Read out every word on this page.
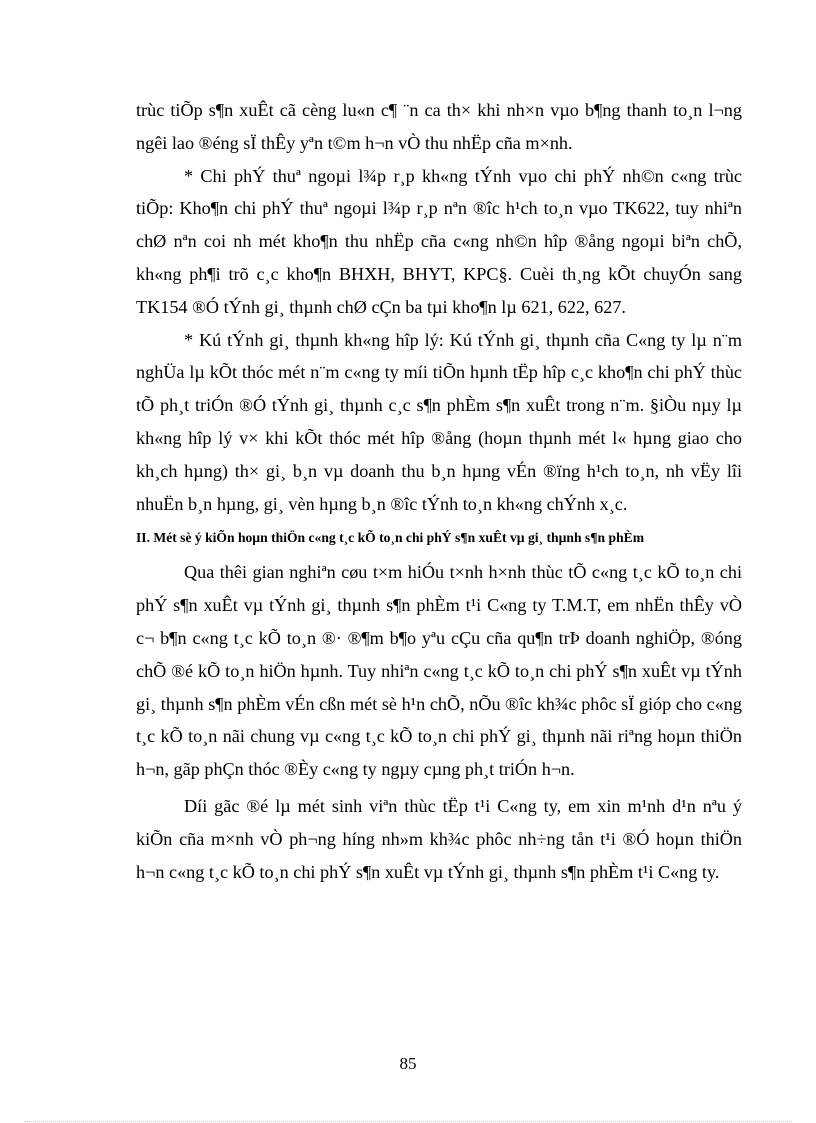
trùc tiÕp s¶n xuÊt cã cèng lu«n c¶ ¨n ca th× khi nh×n vµo b¶ng thanh to¸n l¬ng ngêi lao ®éng sÏ thÊy yªn t©m h¬n vÒ thu nhËp cña m×nh.

* Chi phÝ thuª ngoµi l¾p r¸p kh«ng tÝnh vµo chi phÝ nh©n c«ng trùc tiÕp: Kho¶n chi phÝ thuª ngoµi l¾p r¸p nªn ®îc h¹ch to¸n vµo TK622, tuy nhiªn chØ nªn coi nh mét kho¶n thu nhËp cña c«ng nh©n hîp ®ång ngoµi biªn chÕ, kh«ng ph¶i trõ c¸c kho¶n BHXH, BHYT, KPC§. Cuèi th¸ng kÕt chuyÓn sang TK154 ®Ó tÝnh gi¸ thµnh chØ cÇn ba tµi kho¶n lµ 621, 622, 627.

* Kú tÝnh gi¸ thµnh kh«ng hîp lý: Kú tÝnh gi¸ thµnh cña C«ng ty lµ n¨m nghÜa lµ kÕt thóc mét n¨m c«ng ty míi tiÕn hµnh tËp hîp c¸c kho¶n chi phÝ thùc tÕ ph¸t triÓn ®Ó tÝnh gi¸ thµnh c¸c s¶n phÈm s¶n xuÊt trong n¨m. §iÒu nµy lµ kh«ng hîp lý v× khi kÕt thóc mét hîp ®ång (hoµn thµnh mét l« hµng giao cho kh¸ch hµng) th× gi¸ b¸n vµ doanh thu b¸n hµng vÉn ®ïng h¹ch to¸n, nh vËy lîi nhuËn b¸n hµng, gi¸ vèn hµng b¸n ®îc tÝnh to¸n kh«ng chÝnh x¸c.

II. Mét sè ý kiÕn hoµn thiÖn c«ng t¸c kÕ to¸n chi phÝ s¶n xuÊt vµ gi¸ thµnh s¶n phÈm

Qua thêi gian nghiªn cøu t×m hiÓu t×nh h×nh thùc tÕ c«ng t¸c kÕ to¸n chi phÝ s¶n xuÊt vµ tÝnh gi¸ thµnh s¶n phÈm t¹i C«ng ty T.M.T, em nhËn thÊy vÒ c¬ b¶n c«ng t¸c kÕ to¸n ®· ®¶m b¶o yªu cÇu cña qu¶n trÞ doanh nghiÖp, ®óng chÕ ®é kÕ to¸n hiÖn hµnh. Tuy nhiªn c«ng t¸c kÕ to¸n chi phÝ s¶n xuÊt vµ tÝnh gi¸ thµnh s¶n phÈm vÉn cßn mét sè h¹n chÕ, nÕu ®îc kh¾c phôc sÏ gióp cho c«ng t¸c kÕ to¸n nãi chung vµ c«ng t¸c kÕ to¸n chi phÝ gi¸ thµnh nãi riªng hoµn thiÖn h¬n, gãp phÇn thóc ®Èy c«ng ty ngµy cµng ph¸t triÓn h¬n.

Díi gãc ®é lµ mét sinh viªn thùc tËp t¹i C«ng ty, em xin m¹nh d¹n nªu ý kiÕn cña m×nh vÒ ph¬ng híng nh»m kh¾c phôc nh÷ng tån t¹i ®Ó hoµn thiÖn h¬n c«ng t¸c kÕ to¸n chi phÝ s¶n xuÊt vµ tÝnh gi¸ thµnh s¶n phÈm t¹i C«ng ty.

85
